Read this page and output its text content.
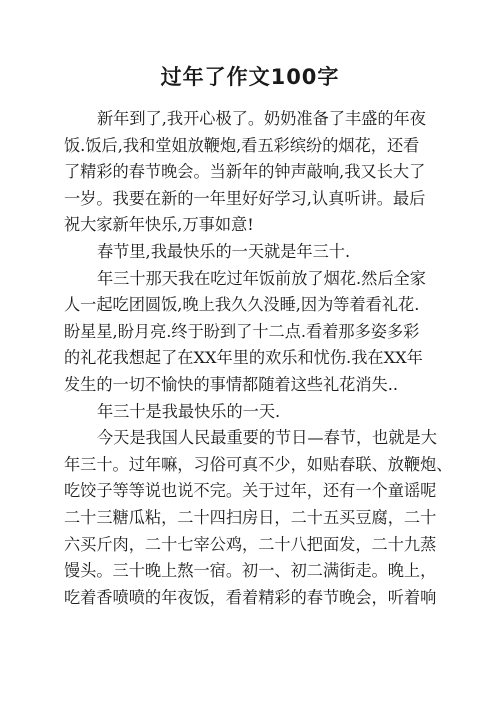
过年了作文100字

新年到了,我开心极了。奶奶准备了丰盛的年夜
饭.饭后,我和堂姐放鞭炮,看五彩缤纷的烟花，还看
了精彩的春节晚会。当新年的钟声敲响,我又长大了
一岁。我要在新的一年里好好学习,认真听讲。最后
祝大家新年快乐,万事如意!

春节里,我最快乐的一天就是年三十.

年三十那天我在吃过年饭前放了烟花.然后全家
人一起吃团圆饭,晚上我久久没睡,因为等着看礼花.
盼星星,盼月亮.终于盼到了十二点.看着那多姿多彩
的礼花我想起了在XX年里的欢乐和忧伤.我在XX年
发生的一切不愉快的事情都随着这些礼花消失..

年三十是我最快乐的一天.

今天是我国人民最重要的节日—春节，也就是大
年三十。过年嘛，习俗可真不少，如贴春联、放鞭炮、
吃饺子等等说也说不完。关于过年，还有一个童谣呢
二十三糖瓜粘，二十四扫房日，二十五买豆腐，二十
六买斤肉，二十七宰公鸡，二十八把面发，二十九蒸
馒头。三十晚上熬一宿。初一、初二满街走。晚上，
吃着香喷喷的年夜饭，看着精彩的春节晚会，听着响
